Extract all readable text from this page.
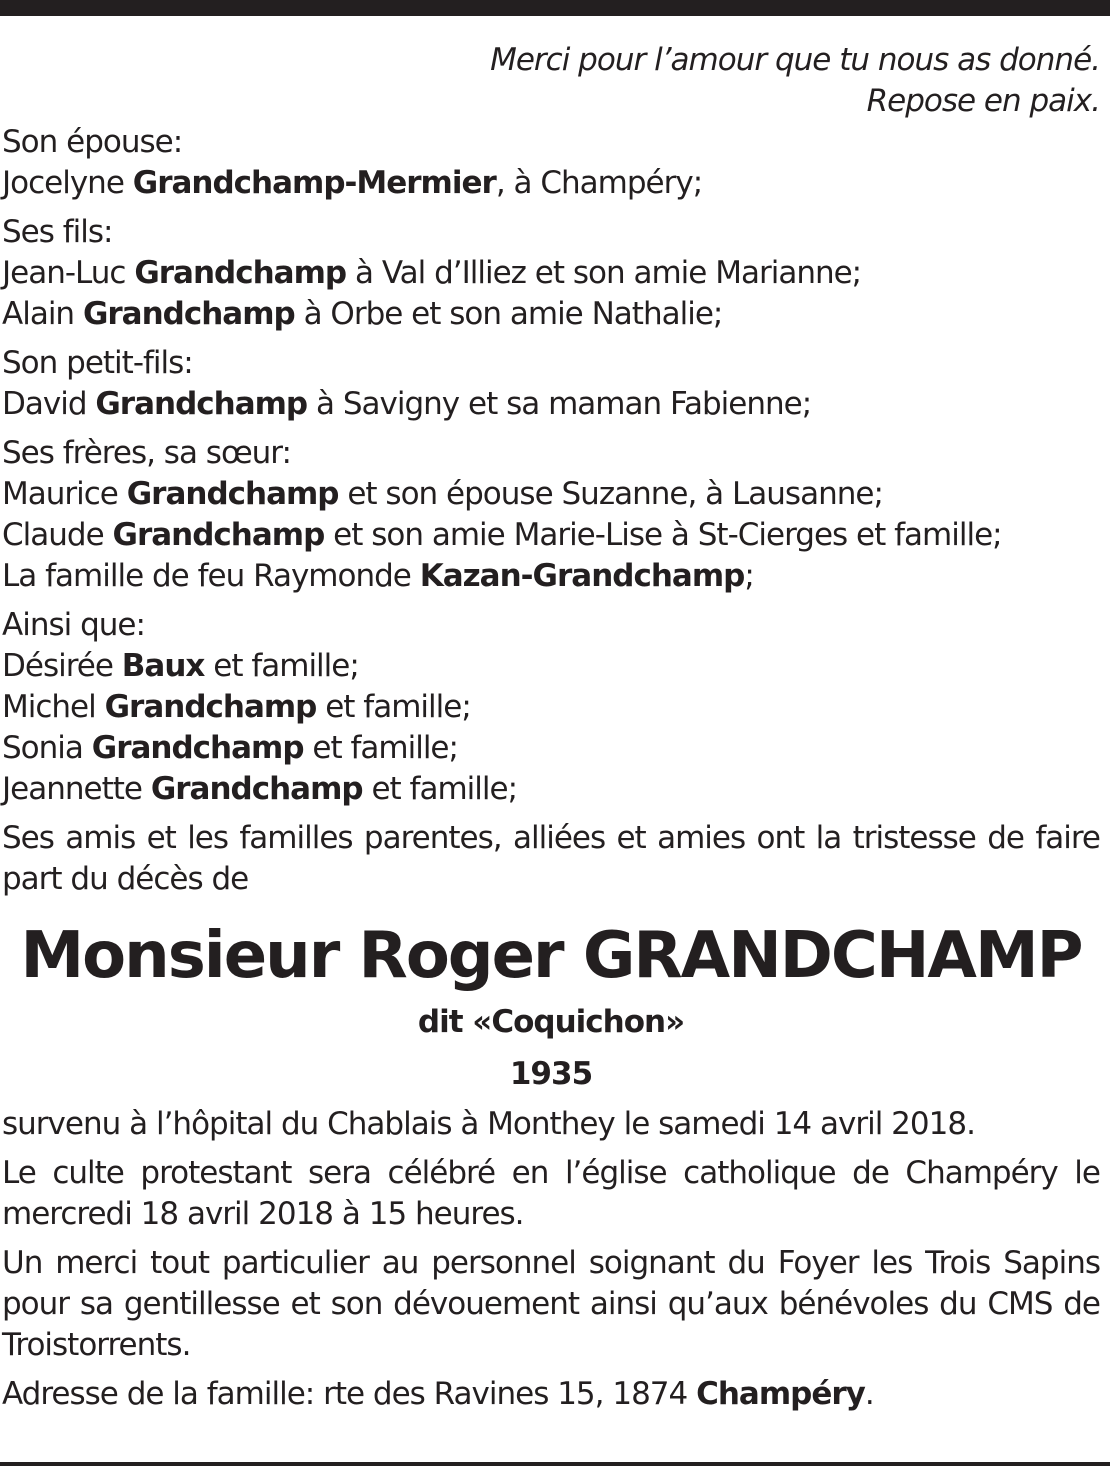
Merci pour l’amour que tu nous as donné.

Repose en paix.

Son épouse:

Jocelyne Grandchamp-Mermier, à Champéry;

Ses fils:

Jean-Luc Grandchamp à Val d’Illiez et son amie Marianne;

Alain Grandchamp à Orbe et son amie Nathalie;

Son petit-fils:

David Grandchamp à Savigny et sa maman Fabienne;

Ses frères, sa sœur:

Maurice Grandchamp et son épouse Suzanne, à Lausanne;

Claude Grandchamp et son amie Marie-Lise à St-Cierges et famille;

La famille de feu Raymonde Kazan-Grandchamp;

Ainsi que:

Désirée Baux et famille;

Michel Grandchamp et famille;

Sonia Grandchamp et famille;

Jeannette Grandchamp et famille;

Ses amis et les familles parentes, alliées et amies ont la tristesse de faire part du décès de

Monsieur Roger GRANDCHAMP

dit «Coquichon»

1935

survenu à l’hôpital du Chablais à Monthey le samedi 14 avril 2018.

Le culte protestant sera célébré en l’église catholique de Champéry le mercredi 18 avril 2018 à 15 heures.

Un merci tout particulier au personnel soignant du Foyer les Trois Sapins pour sa gentillesse et son dévouement ainsi qu’aux bénévoles du CMS de Troistorrents.

Adresse de la famille: rte des Ravines 15, 1874 Champéry.
